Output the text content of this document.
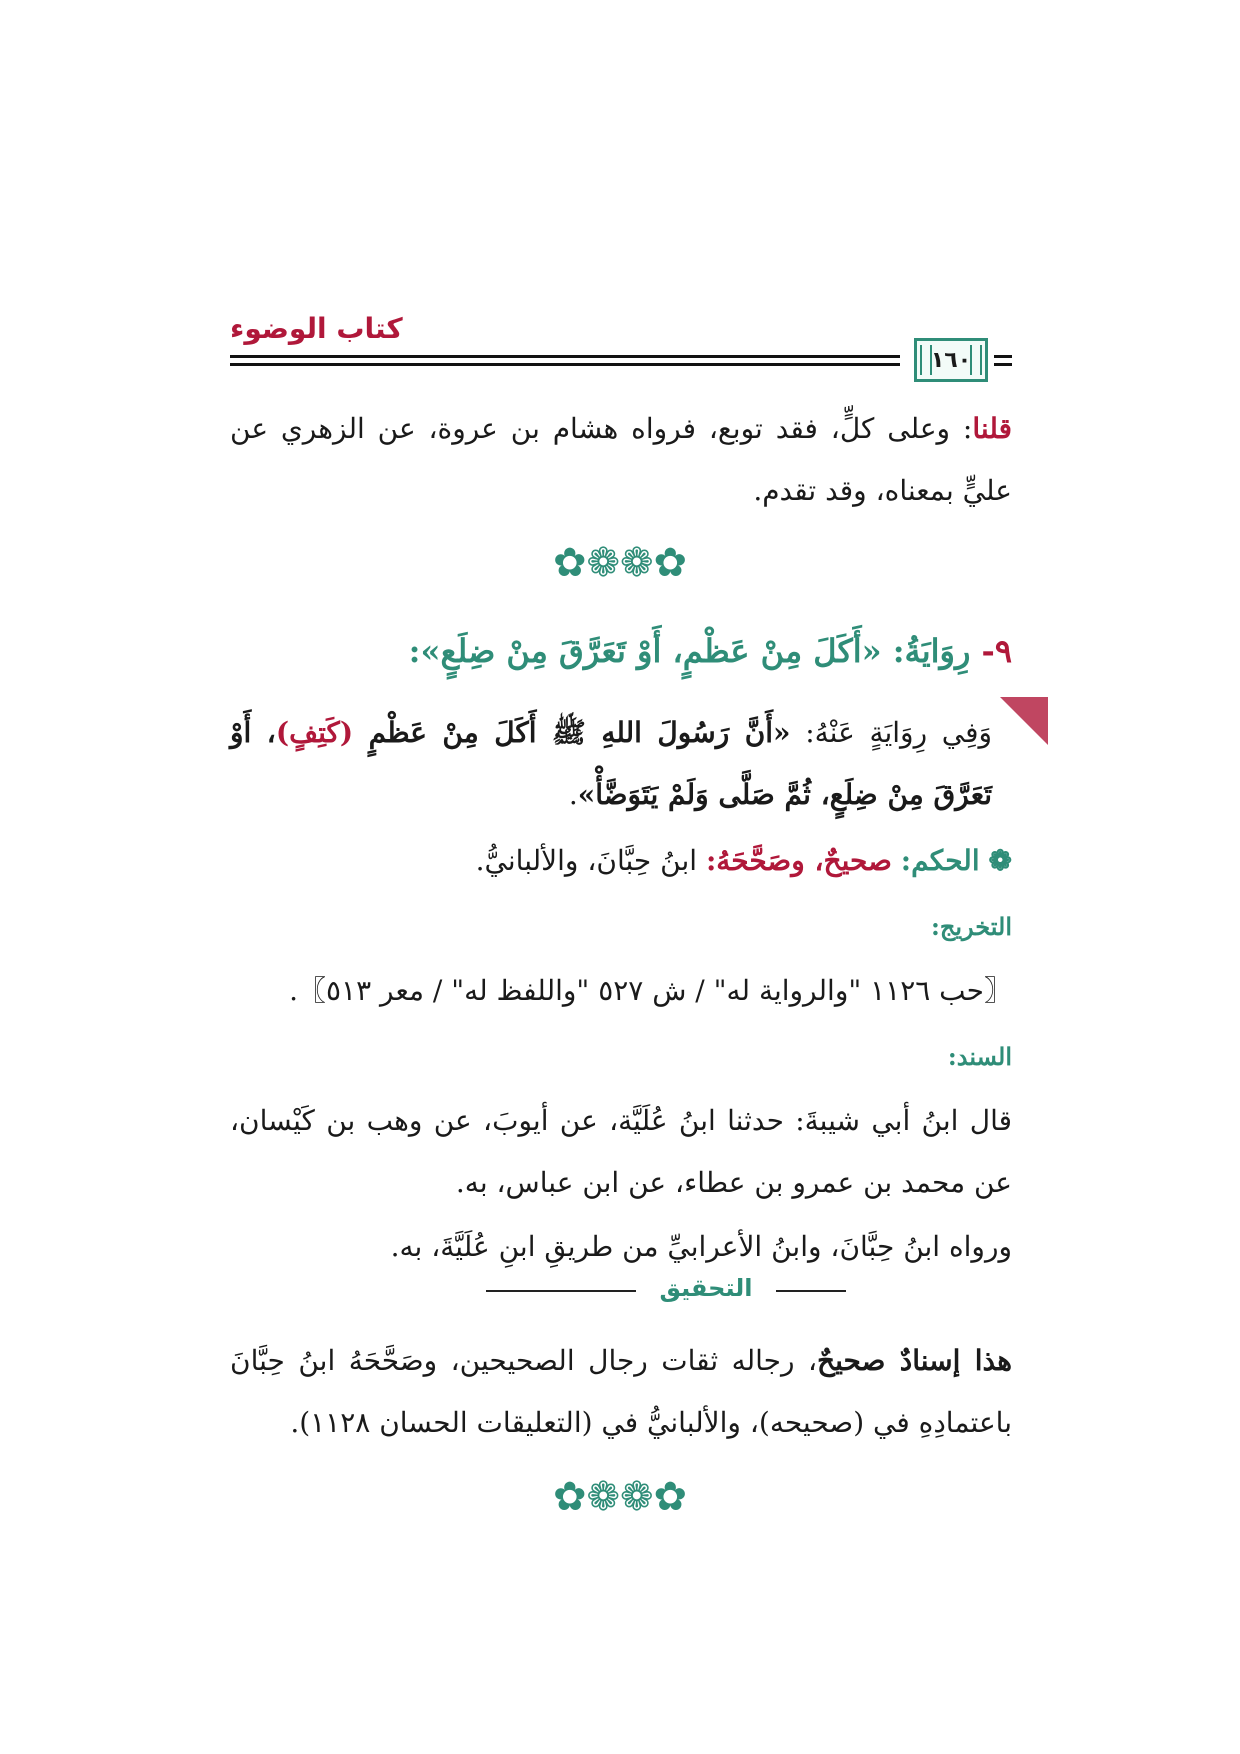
كتاب الوضوء
١٦٠
قلنا: وعلى كلٍّ، فقد توبع، فرواه هشام بن عروة، عن الزهري عن عليٍّ بمعناه، وقد تقدم.
✿❁❁✿
٩- رِوَايَةُ: «أَكَلَ مِنْ عَظْمٍ، أَوْ تَعَرَّقَ مِنْ ضِلَعٍ»:
وَفِي رِوَايَةٍ عَنْهُ: «أَنَّ رَسُولَ اللهِ ﷺ أَكَلَ مِنْ عَظْمٍ (كَتِفٍ)، أَوْ تَعَرَّقَ مِنْ ضِلَعٍ، ثُمَّ صَلَّى وَلَمْ يَتَوَضَّأْ».
❁ الحكم: صحيحٌ، وصَحَّحَهُ: ابنُ حِبَّانَ، والألبانيُّ.
التخريج:
〖حب ١١٢٦ "والرواية له" / ش ٥٢٧ "واللفظ له" / معر ٥١٣〗.
السند:
قال ابنُ أبي شيبةَ: حدثنا ابنُ عُلَيَّة، عن أيوبَ، عن وهب بن كَيْسان، عن محمد بن عمرو بن عطاء، عن ابن عباس، به.
ورواه ابنُ حِبَّانَ، وابنُ الأعرابيِّ من طريقِ ابنِ عُلَيَّةَ، به.
التحقيق
هذا إسنادٌ صحيحٌ، رجاله ثقات رجال الصحيحين، وصَحَّحَهُ ابنُ حِبَّانَ باعتمادِهِ في (صحيحه)، والألبانيُّ في (التعليقات الحسان ١١٢٨).
✿❁❁✿
